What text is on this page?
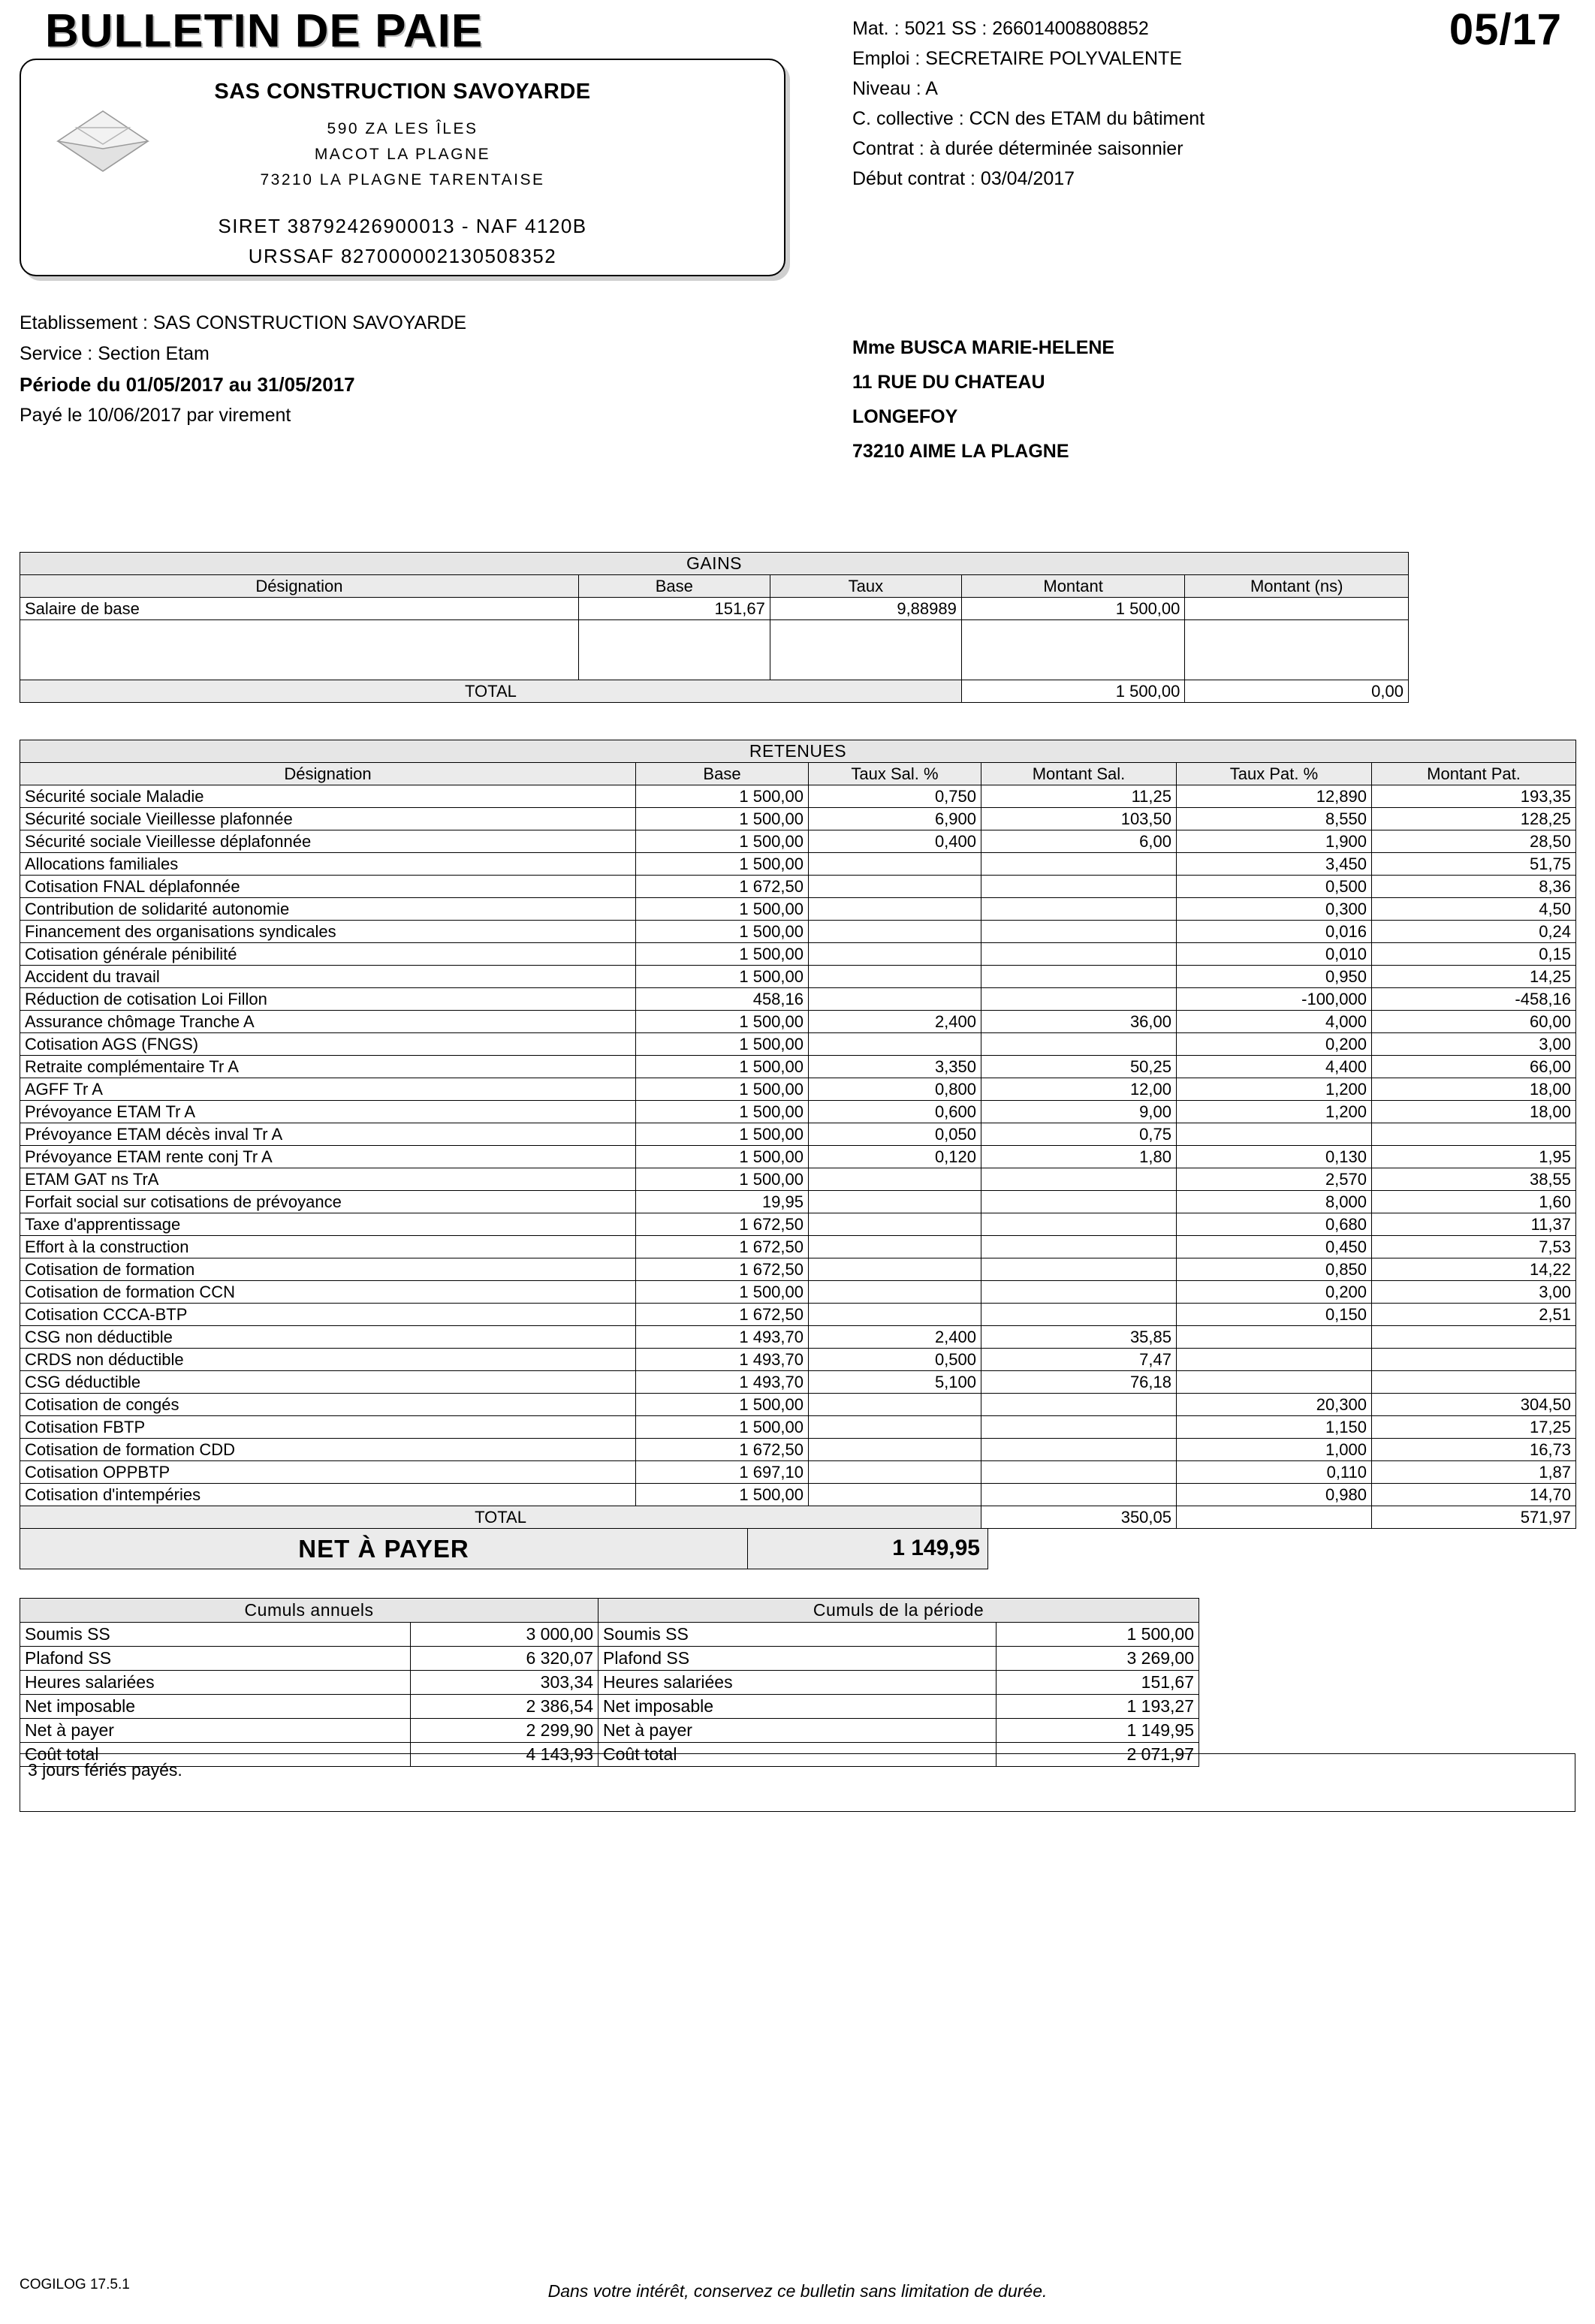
BULLETIN DE PAIE
SAS CONSTRUCTION SAVOYARDE
590 ZA LES ÎLES
MACOT LA PLAGNE
73210 LA PLAGNE TARENTAISE
SIRET 38792426900013 - NAF 4120B
URSSAF 827000002130508352
Mat. : 5021 SS : 266014008808852
Emploi : SECRETAIRE POLYVALENTE
Niveau : A
C. collective : CCN des ETAM du bâtiment
Contrat : à durée déterminée saisonnier
Début contrat : 03/04/2017
05/17
Etablissement : SAS CONSTRUCTION SAVOYARDE
Service : Section Etam
Période du 01/05/2017 au 31/05/2017
Payé le 10/06/2017 par virement
Mme BUSCA MARIE-HELENE
11 RUE DU CHATEAU
LONGEFOY
73210 AIME LA PLAGNE
GAINS				
Désignation	Base	Taux	Montant	Montant (ns)
Salaire de base	151,67	9,88989	1 500,00	

TOTAL			1 500,00	0,00
RETENUES					
Désignation	Base	Taux Sal. %	Montant Sal.	Taux Pat. %	Montant Pat.
Sécurité sociale Maladie	1 500,00	0,750	11,25	12,890	193,35
Sécurité sociale Vieillesse plafonnée	1 500,00	6,900	103,50	8,550	128,25
Sécurité sociale Vieillesse déplafonnée	1 500,00	0,400	6,00	1,900	28,50
Allocations familiales	1 500,00			3,450	51,75
Cotisation FNAL déplafonnée	1 672,50			0,500	8,36
Contribution de solidarité autonomie	1 500,00			0,300	4,50
Financement des organisations syndicales	1 500,00			0,016	0,24
Cotisation générale pénibilité	1 500,00			0,010	0,15
Accident du travail	1 500,00			0,950	14,25
Réduction de cotisation Loi Fillon	458,16			-100,000	-458,16
Assurance chômage Tranche A	1 500,00	2,400	36,00	4,000	60,00
Cotisation AGS (FNGS)	1 500,00			0,200	3,00
Retraite complémentaire Tr A	1 500,00	3,350	50,25	4,400	66,00
AGFF Tr A	1 500,00	0,800	12,00	1,200	18,00
Prévoyance ETAM Tr A	1 500,00	0,600	9,00	1,200	18,00
Prévoyance ETAM décès inval Tr A	1 500,00	0,050	0,75		
Prévoyance ETAM rente conj Tr A	1 500,00	0,120	1,80	0,130	1,95
ETAM GAT ns TrA	1 500,00			2,570	38,55
Forfait social sur cotisations de prévoyance	19,95			8,000	1,60
Taxe d'apprentissage	1 672,50			0,680	11,37
Effort à la construction	1 672,50			0,450	7,53
Cotisation de formation	1 672,50			0,850	14,22
Cotisation de formation CCN	1 500,00			0,200	3,00
Cotisation CCCA-BTP	1 672,50			0,150	2,51
CSG non déductible	1 493,70	2,400	35,85		
CRDS non déductible	1 493,70	0,500	7,47		
CSG déductible	1 493,70	5,100	76,18		
Cotisation de congés	1 500,00			20,300	304,50
Cotisation FBTP	1 500,00			1,150	17,25
Cotisation de formation CDD	1 672,50			1,000	16,73
Cotisation OPPBTP	1 697,10			0,110	1,87
Cotisation d'intempéries	1 500,00			0,980	14,70
TOTAL			350,05		571,97
NET À PAYER	1 149,95
Cumuls annuels		Cumuls de la période	
Soumis SS	3 000,00	Soumis SS	1 500,00
Plafond SS	6 320,07	Plafond SS	3 269,00
Heures salariées	303,34	Heures salariées	151,67
Net imposable	2 386,54	Net imposable	1 193,27
Net à payer	2 299,90	Net à payer	1 149,95
Coût total	4 143,93	Coût total	2 071,97
3 jours fériés payés.
COGILOG 17.5.1	Dans votre intérêt, conservez ce bulletin sans limitation de durée.
